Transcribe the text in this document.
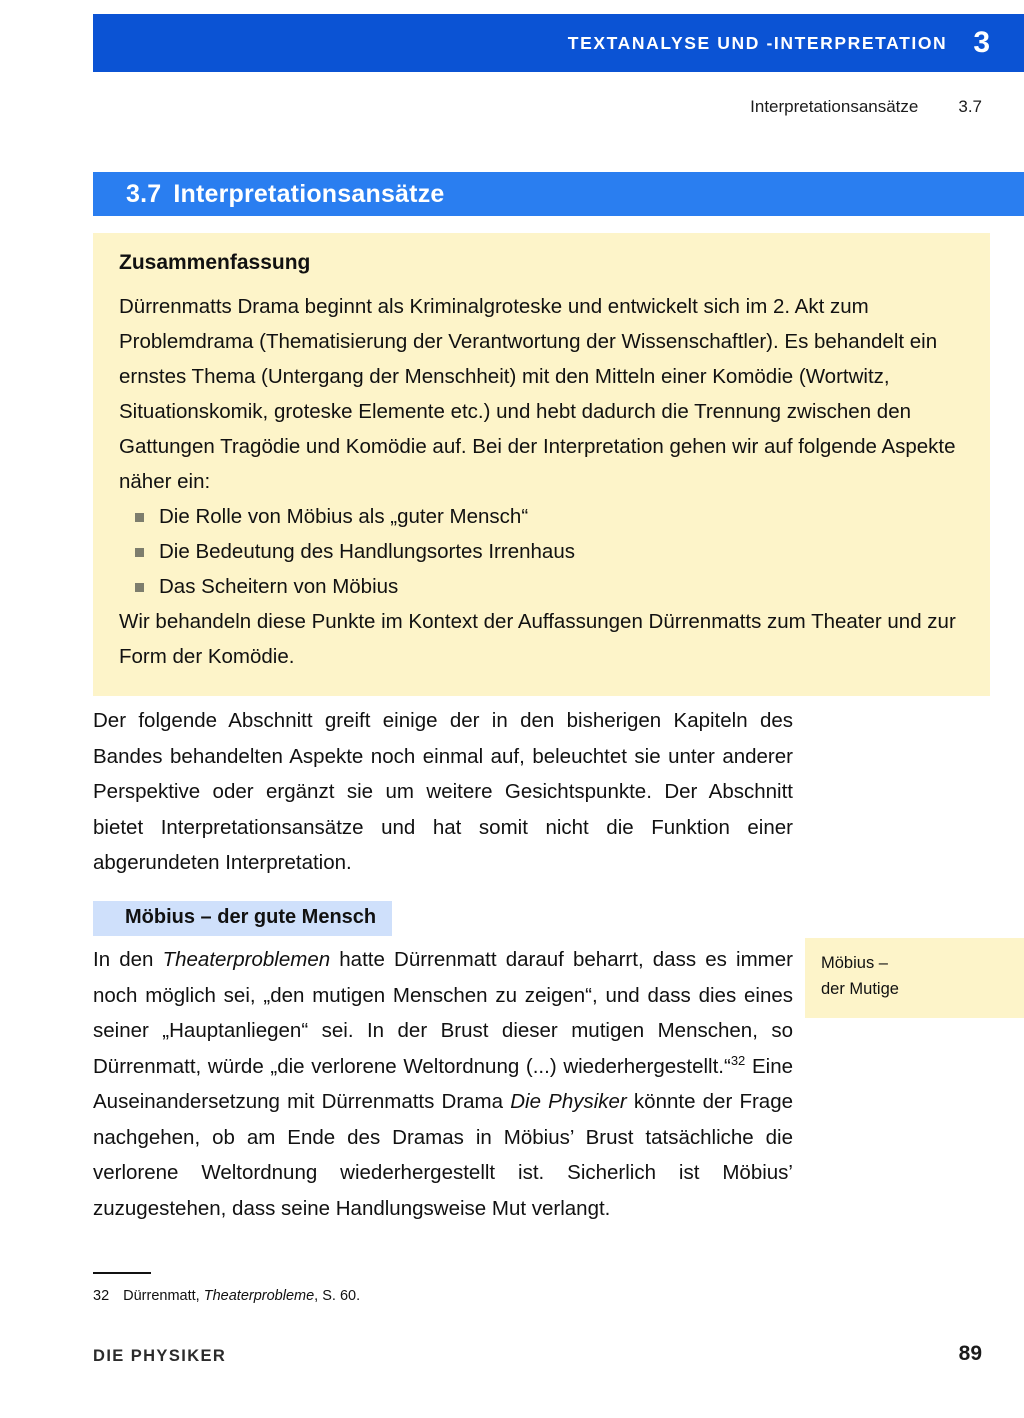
TEXTANALYSE UND -INTERPRETATION 3
Interpretationsansätze 3.7
3.7 Interpretationsansätze
Zusammenfassung

Dürrenmatts Drama beginnt als Kriminalgroteske und entwickelt sich im 2. Akt zum Problemdrama (Thematisierung der Verantwortung der Wissenschaftler). Es behandelt ein ernstes Thema (Untergang der Menschheit) mit den Mitteln einer Komödie (Wortwitz, Situationskomik, groteske Elemente etc.) und hebt dadurch die Trennung zwischen den Gattungen Tragödie und Komödie auf. Bei der Interpretation gehen wir auf folgende Aspekte näher ein:

Die Rolle von Möbius als „guter Mensch“
Die Bedeutung des Handlungsortes Irrenhaus
Das Scheitern von Möbius

Wir behandeln diese Punkte im Kontext der Auffassungen Dürrenmatts zum Theater und zur Form der Komödie.

Der folgende Abschnitt greift einige der in den bisherigen Kapiteln des Bandes behandelten Aspekte noch einmal auf, beleuchtet sie unter anderer Perspektive oder ergänzt sie um weitere Gesichtspunkte. Der Abschnitt bietet Interpretationsansätze und hat somit nicht die Funktion einer abgerundeten Interpretation.

Möbius – der gute Mensch
Möbius –
der Mutige

In den Theaterproblemen hatte Dürrenmatt darauf beharrt, dass es immer noch möglich sei, „den mutigen Menschen zu zeigen“, und dass dies eines seiner „Hauptanliegen“ sei. In der Brust dieser mutigen Menschen, so Dürrenmatt, würde „die verlorene Weltordnung (...) wiederhergestellt.“$^{32}$ Eine Auseinandersetzung mit Dürrenmatts Drama Die Physiker könnte der Frage nachgehen, ob am Ende des Dramas in Möbius’ Brust tatsächliche die verlorene Weltordnung wiederhergestellt ist. Sicherlich ist Möbius’ zuzugestehen, dass seine Handlungsweise Mut verlangt.

32 Dürrenmatt, Theaterprobleme, S. 60.
DIE PHYSIKER	89
